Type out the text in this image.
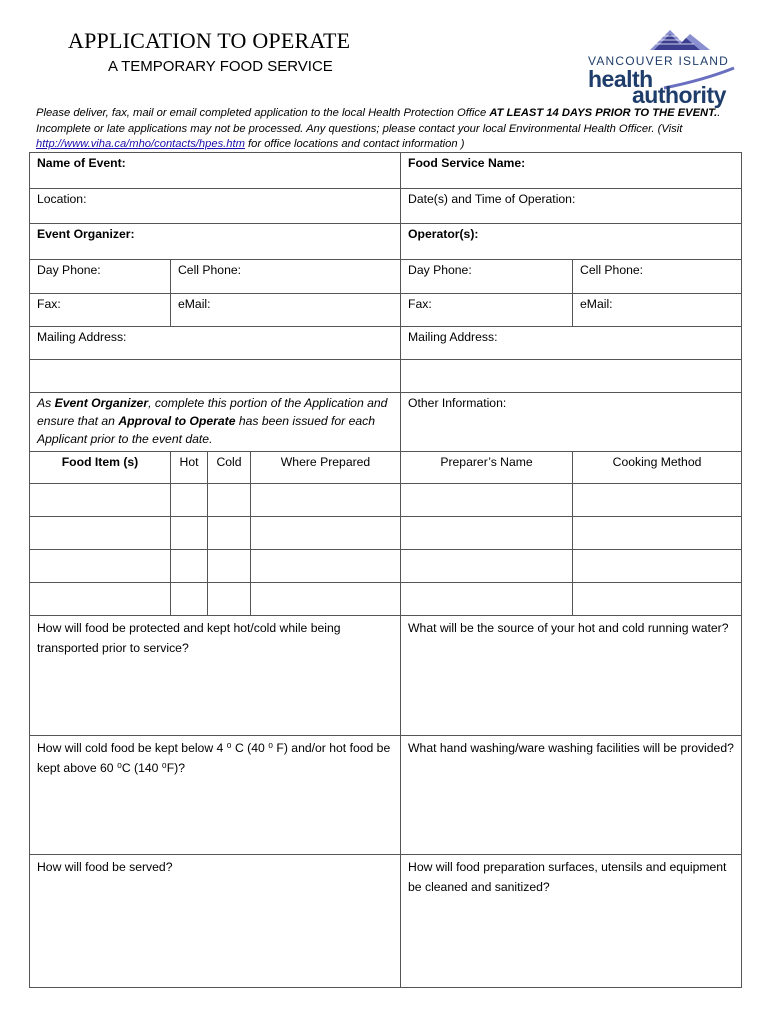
APPLICATION TO OPERATE
A TEMPORARY FOOD SERVICE	VANCOUVER ISLAND
health
authority
Please deliver, fax, mail or email completed application to the local Health Protection Office AT LEAST 14 DAYS PRIOR TO THE EVENT.. Incomplete or late applications may not be processed. Any questions; please contact your local Environmental Health Officer. (Visit http://www.viha.ca/mho/contacts/hpes.htm for office locations and contact information )
Name of Event:				Food Service Name:	
Location:				Date(s) and Time of Operation:	
Event Organizer:				Operator(s):	
Day Phone:	Cell Phone:			Day Phone:	Cell Phone:
Fax:	eMail:			Fax:	eMail:
Mailing Address:				Mailing Address:	

As Event Organizer, complete this portion of the Application and ensure that an Approval to Operate has been issued for each Applicant prior to the event date.				Other Information:	
Food Item (s)	Hot	Cold	Where Prepared	Preparer’s Name	Cooking Method

How will food be protected and kept hot/cold while being transported prior to service?				What will be the source of your hot and cold running water?	
How will cold food be kept below 4 ⁰ C (40 ⁰ F) and/or hot food be kept above 60 ⁰C (140 ⁰F)?				What hand washing/ware washing facilities will be provided?	
How will food be served?				How will food preparation surfaces, utensils and equipment be cleaned and sanitized?	
